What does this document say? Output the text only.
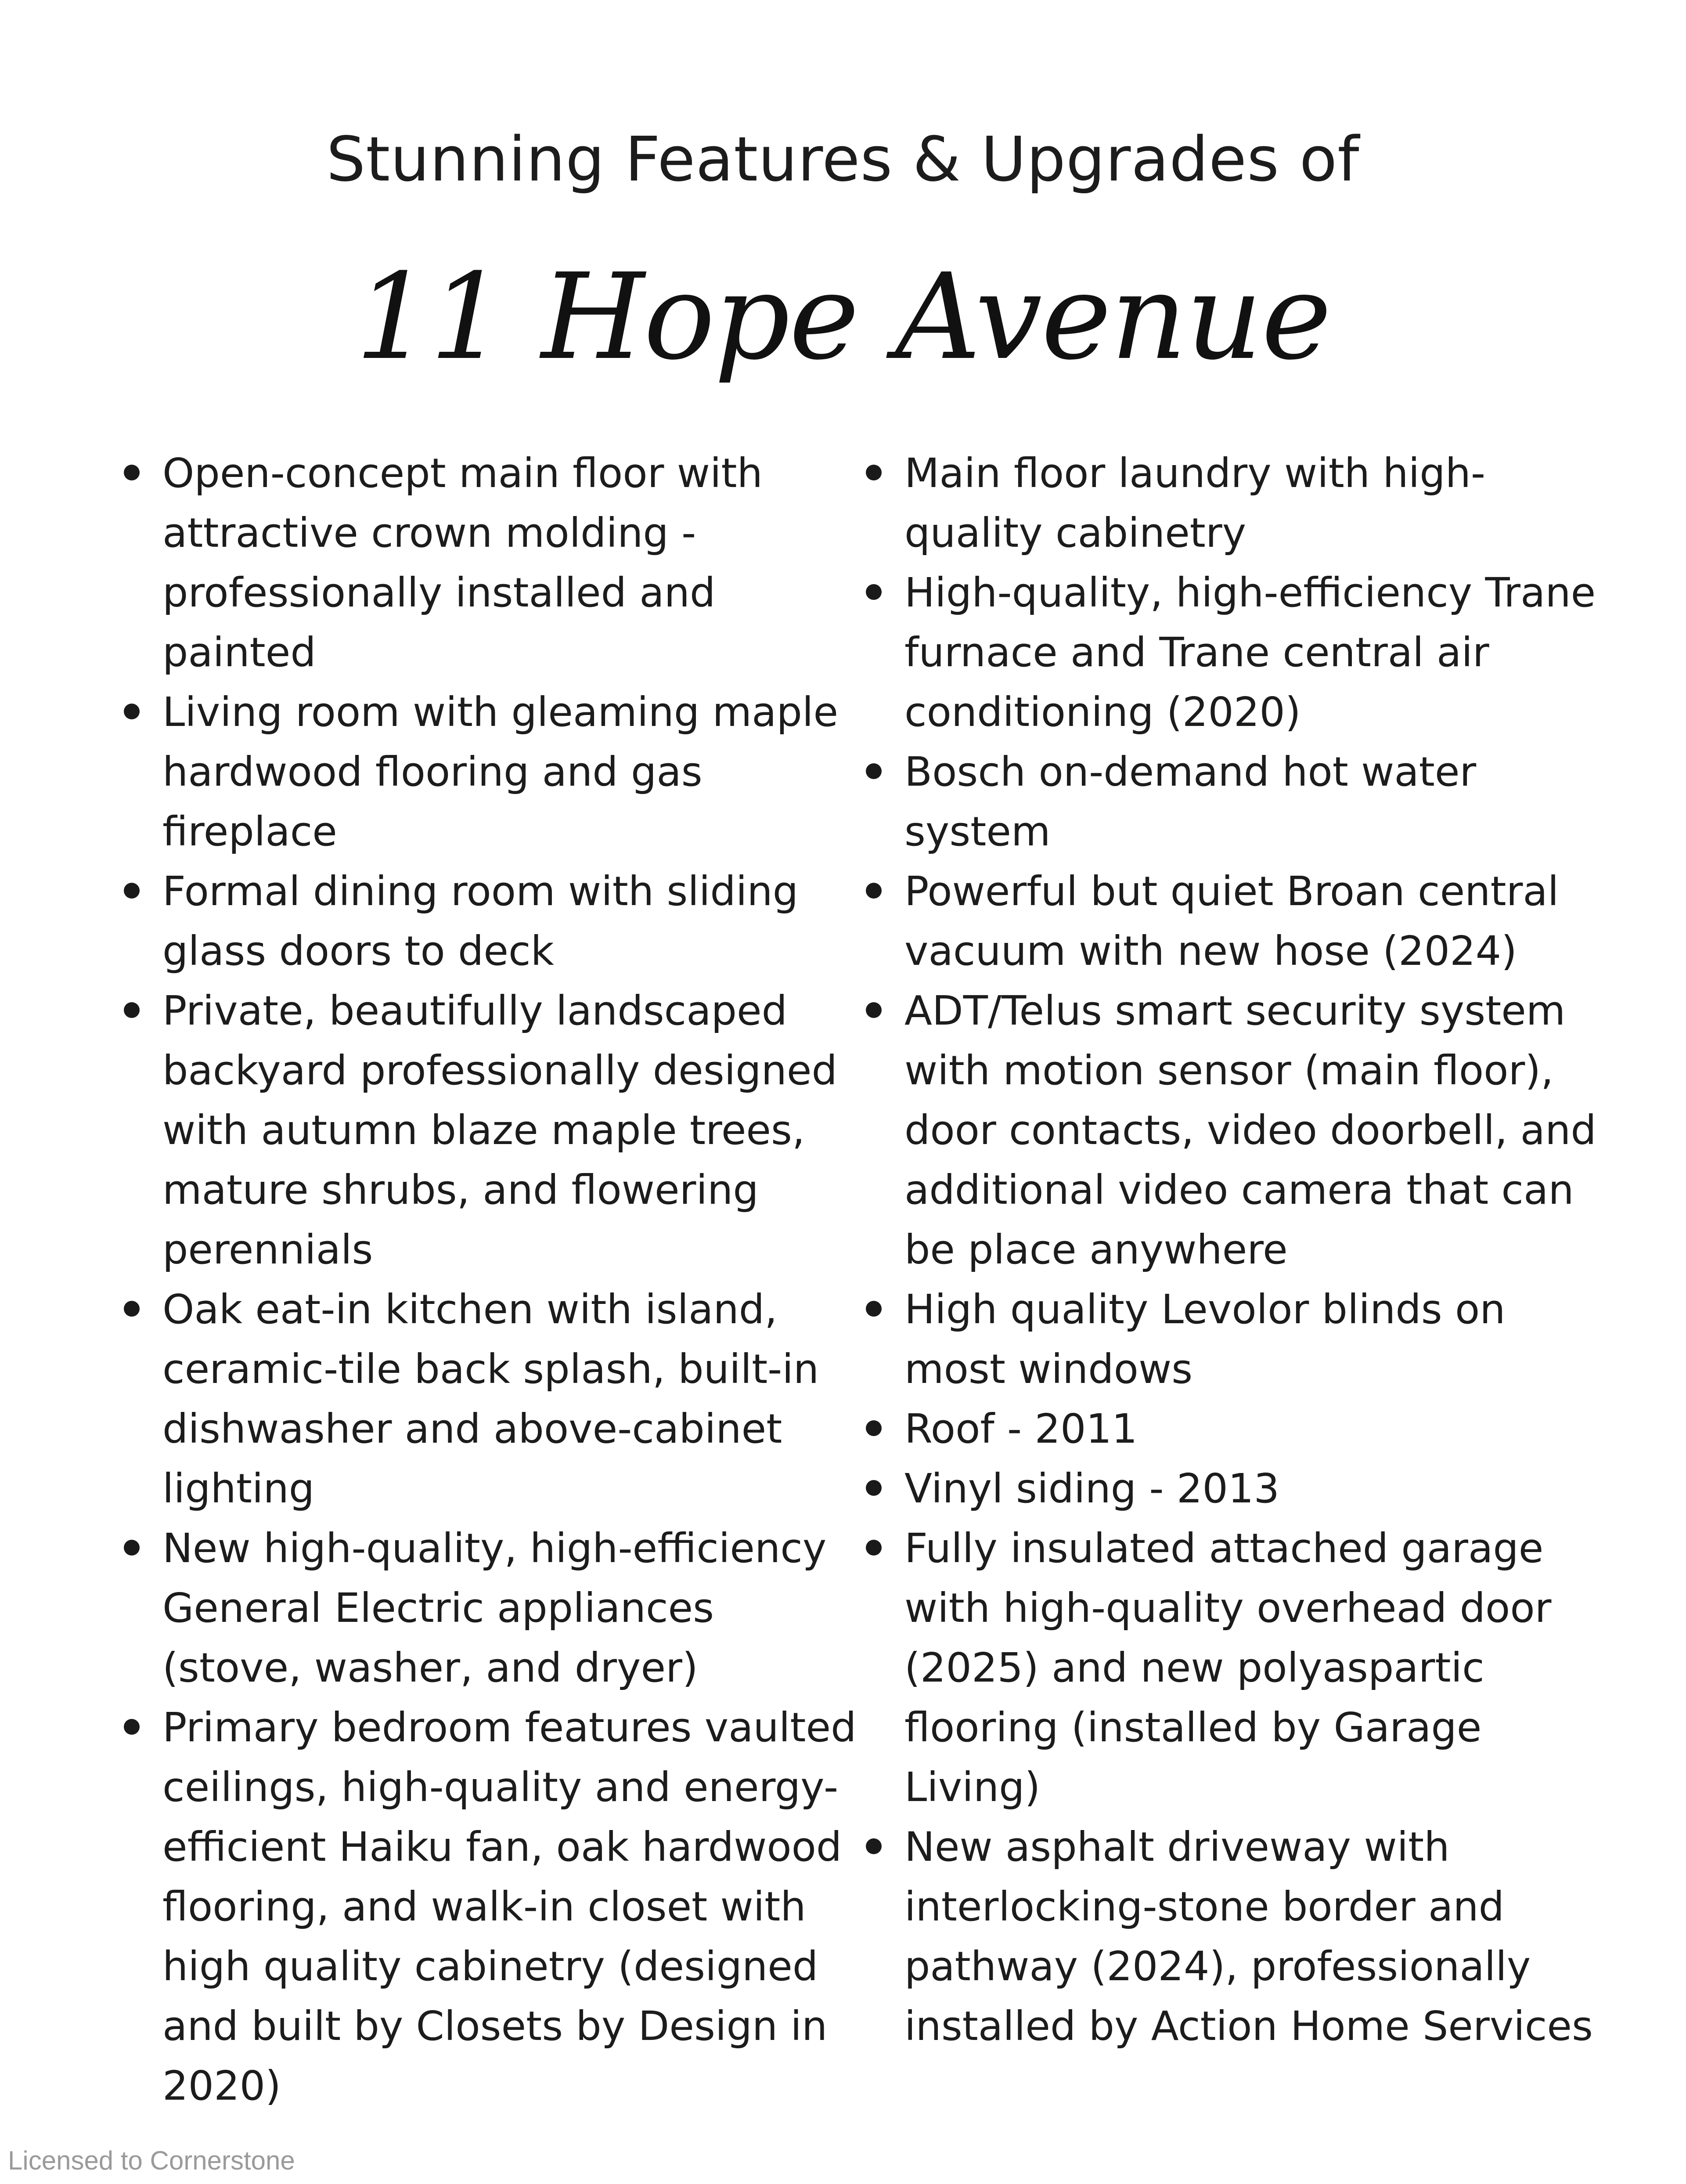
Stunning Features & Upgrades of
11 Hope Avenue
Open-concept main floor with attractive crown molding - professionally installed and painted
Living room with gleaming maple hardwood flooring and gas fireplace
Formal dining room with sliding glass doors to deck
Private, beautifully landscaped backyard professionally designed with autumn blaze maple trees, mature shrubs, and flowering perennials
Oak eat-in kitchen with island, ceramic-tile back splash, built-in dishwasher and above-cabinet lighting
New high-quality, high-efficiency General Electric appliances (stove, washer, and dryer)
Primary bedroom features vaulted ceilings, high-quality and energy-efficient Haiku fan, oak hardwood flooring, and walk-in closet with high quality cabinetry (designed and built by Closets by Design in 2020)
Main floor laundry with high-quality cabinetry
High-quality, high-efficiency Trane furnace and Trane central air conditioning (2020)
Bosch on-demand hot water system
Powerful but quiet Broan central vacuum with new hose (2024)
ADT/Telus smart security system with motion sensor (main floor), door contacts, video doorbell, and additional video camera that can be place anywhere
High quality Levolor blinds on most windows
Roof - 2011
Vinyl siding - 2013
Fully insulated attached garage with high-quality overhead door (2025) and new polyaspartic flooring (installed by Garage Living)
New asphalt driveway with interlocking-stone border and pathway (2024), professionally installed by Action Home Services
Licensed to Cornerstone
